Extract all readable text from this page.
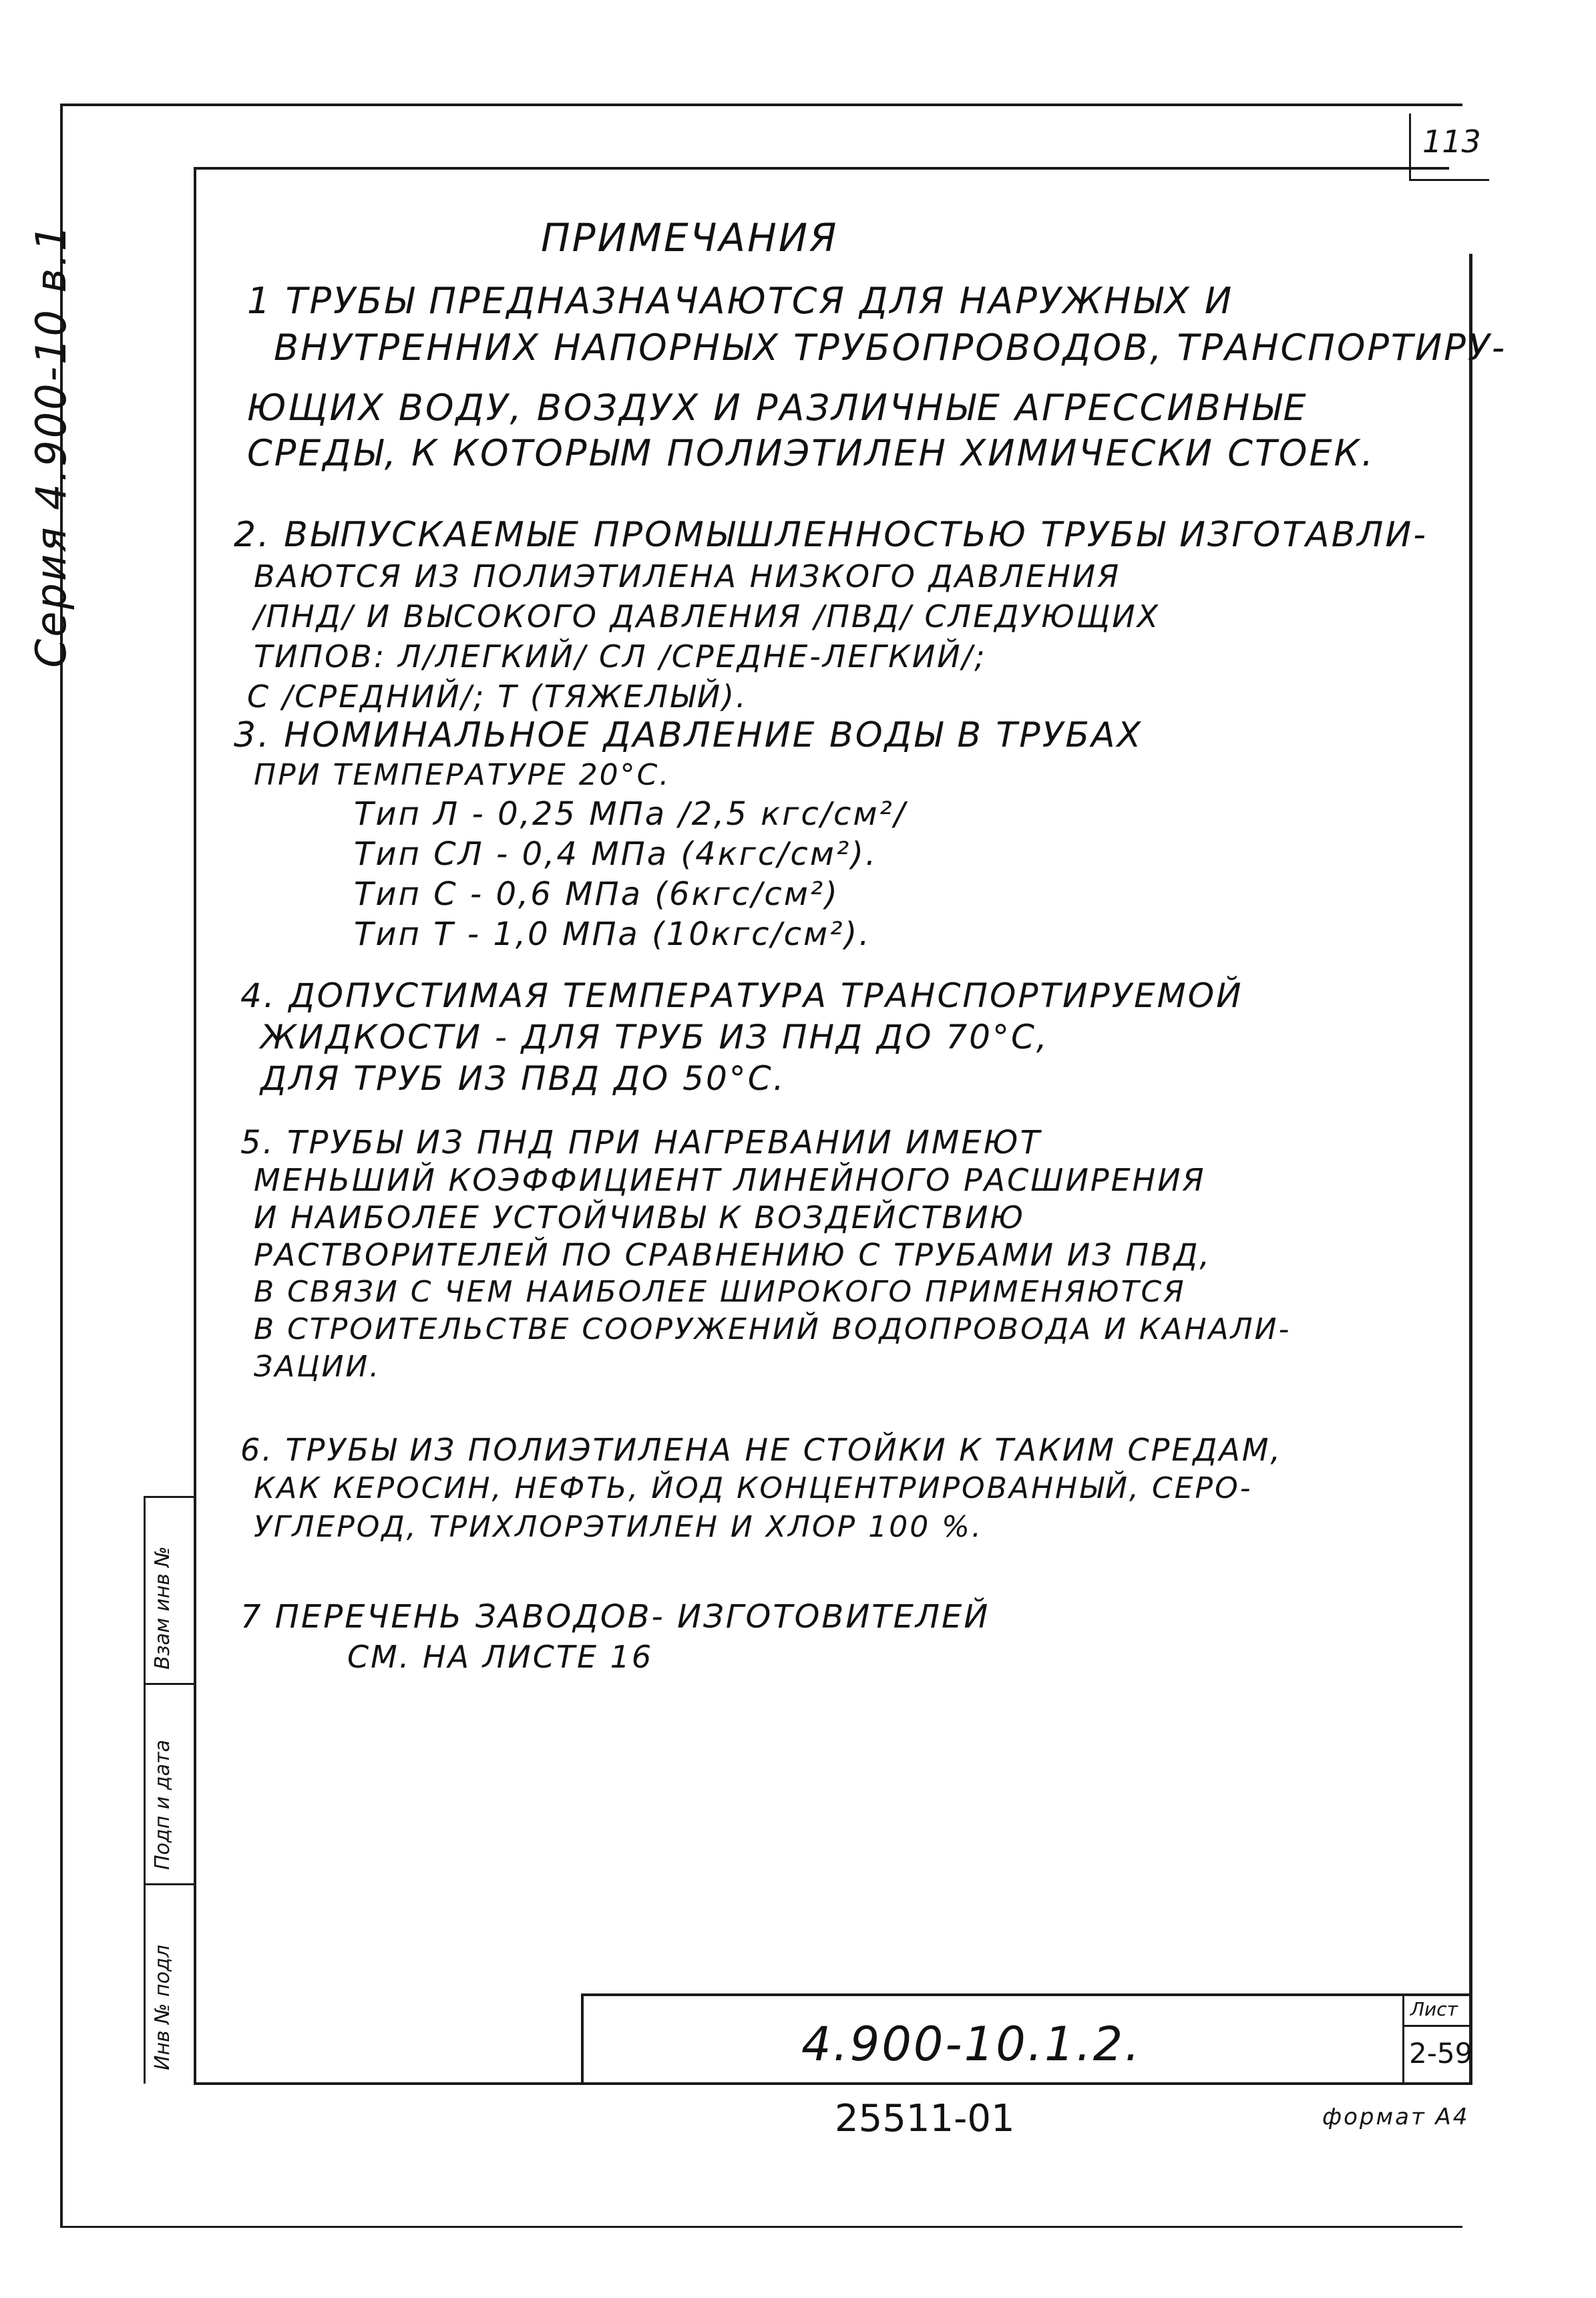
113
Серия 4.900-10 в.1	ПРИМЕЧАНИЯ
1 ТРУБЫ ПРЕДНАЗНАЧАЮТСЯ ДЛЯ НАРУЖНЫХ И
ВНУТРЕННИХ НАПОРНЫХ ТРУБОПРОВОДОВ, ТРАНСПОРТИРУ-
ЮЩИХ ВОДУ, ВОЗДУХ И РАЗЛИЧНЫЕ АГРЕССИВНЫЕ
СРЕДЫ, К КОТОРЫМ ПОЛИЭТИЛЕН ХИМИЧЕСКИ СТОЕК.
2. ВЫПУСКАЕМЫЕ ПРОМЫШЛЕННОСТЬЮ ТРУБЫ ИЗГОТАВЛИ-
ВАЮТСЯ ИЗ ПОЛИЭТИЛЕНА НИЗКОГО ДАВЛЕНИЯ
/ПНД/ И ВЫСОКОГО ДАВЛЕНИЯ /ПВД/ СЛЕДУЮЩИХ
ТИПОВ: Л/ЛЕГКИЙ/ СЛ /СРЕДНЕ-ЛЕГКИЙ/;
С /СРЕДНИЙ/; Т (ТЯЖЕЛЫЙ).
3. НОМИНАЛЬНОЕ ДАВЛЕНИЕ ВОДЫ В ТРУБАХ
ПРИ ТЕМПЕРАТУРЕ 20°С.
Тип Л - 0,25 МПа /2,5 кгс/см²/
Тип СЛ - 0,4 МПа (4кгс/см²).
Тип С - 0,6 МПа (6кгс/см²)
Тип Т - 1,0 МПа (10кгс/см²).
4. ДОПУСТИМАЯ ТЕМПЕРАТУРА ТРАНСПОРТИРУЕМОЙ
ЖИДКОСТИ - ДЛЯ ТРУБ ИЗ ПНД ДО 70°С,
ДЛЯ ТРУБ ИЗ ПВД ДО 50°С.
5. ТРУБЫ ИЗ ПНД ПРИ НАГРЕВАНИИ ИМЕЮТ
МЕНЬШИЙ КОЭФФИЦИЕНТ ЛИНЕЙНОГО РАСШИРЕНИЯ
И НАИБОЛЕЕ УСТОЙЧИВЫ К ВОЗДЕЙСТВИЮ
РАСТВОРИТЕЛЕЙ ПО СРАВНЕНИЮ С ТРУБАМИ ИЗ ПВД,
В СВЯЗИ С ЧЕМ НАИБОЛЕЕ ШИРОКОГО ПРИМЕНЯЮТСЯ
В СТРОИТЕЛЬСТВЕ СООРУЖЕНИЙ ВОДОПРОВОДА И КАНАЛИ-
ЗАЦИИ.
6. ТРУБЫ ИЗ ПОЛИЭТИЛЕНА НЕ СТОЙКИ К ТАКИМ СРЕДАМ,
КАК КЕРОСИН, НЕФТЬ, ЙОД КОНЦЕНТРИРОВАННЫЙ, СЕРО-
УГЛЕРОД, ТРИХЛОРЭТИЛЕН И ХЛОР 100 %.
7 ПЕРЕЧЕНЬ ЗАВОДОВ- ИЗГОТОВИТЕЛЕЙ
СМ. НА ЛИСТЕ 16
Взам инв №
Подп и дата
Инв № подл	4.900-10.1.2.
Лист
2-59
25511-01	формат А4
